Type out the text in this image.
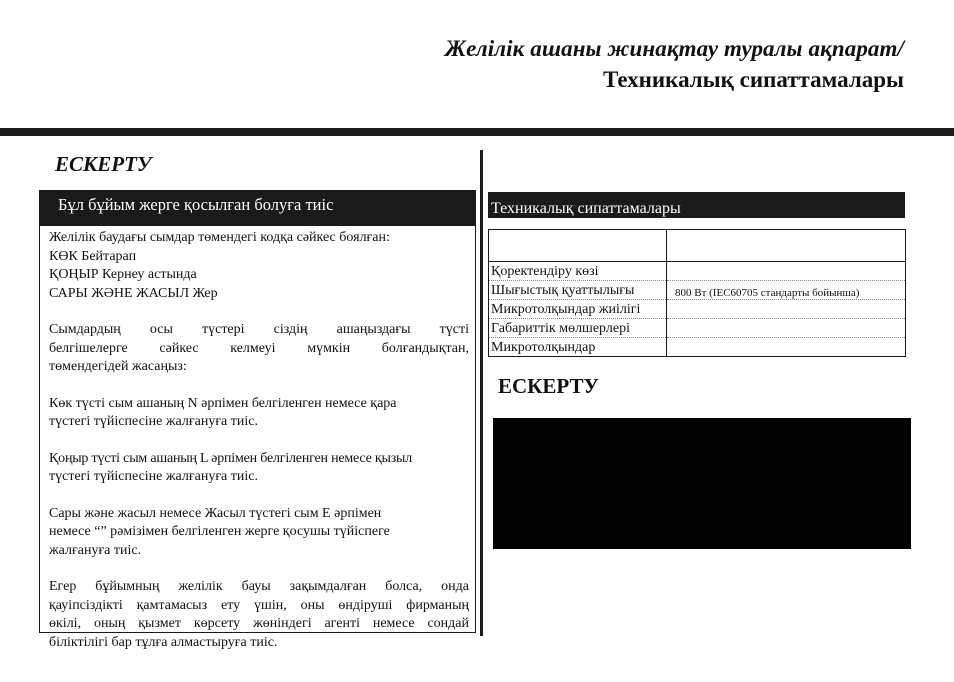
Желілік ашаны жинақтау туралы ақпарат/
Техникалық сипаттамалары
ЕСКЕРТУ
Бұл бұйым жерге қосылған болуға тиіс

Желілік баудағы сымдар төмендегі кодқа сәйкес боялған:
КӨК Бейтарап
ҚОҢЫР Кернеу астында
САРЫ ЖӘНЕ ЖАСЫЛ Жер

Сымдардың осы түстері сіздің ашаңыздағы түсті
белгішелерге сәйкес келмеуі мүмкін болғандықтан,
төмендегідей жасаңыз:

Көк түсті сым ашаның N әрпімен белгіленген немесе қара
түстегі түйіспесіне жалғануға тиіс.

Қоңыр түсті сым ашаның L әрпімен белгіленген немесе қызыл
түстегі түйіспесіне жалғануға тиіс.

Сары және жасыл немесе Жасыл түстегі сым E әрпімен
немесе “” рәмізімен белгіленген жерге қосушы түйіспеге
жалғануға тиіс.

Егер бұйымның желілік бауы зақымдалған болса, онда
қауіпсіздікті қамтамасыз ету үшін, оны өндіруші фирманың
өкілі, оның қызмет көрсету жөніндегі агенті немесе сондай
біліктілігі бар тұлға алмастыруға тиіс.

Техникалық сипаттамалары

Қоректендіру көзі	
Шығыстық қуаттылығы	800 Вт (IEC60705 стандарты бойынша)
Микротолқындар жиілігі	
Габариттік мөлшерлері	
Микротолқындар	
ЕСКЕРТУ
